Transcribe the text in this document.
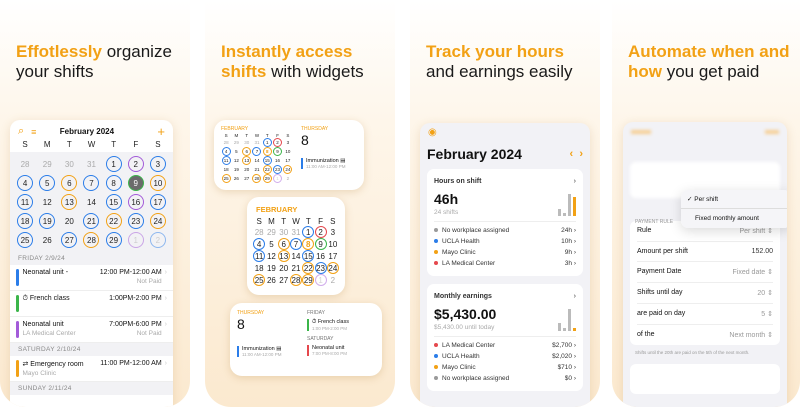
Effotlessly organize
your shifts
⌕ ≡	February 2024	+
S	M	T	W	T	F	S
28	29	30	31	1	2	3
4	5	6	7	8	9	10
11	12	13	14	15	16	17
18	19	20	21	22	23	24
25	26	27	28	29	1	2
FRIDAY 2/9/24
Neonatal unit -	12:00 PM-12:00 AM
Not Paid
›
⏱ French class	1:00PM-2:00 PM ›
Neonatal unit
LA Medical Center
7:00PM-6:00 PM
Not Paid
›
SATURDAY 2/10/24
⇄ Emergency room
Mayo Clinic
11:00 PM-12:00 AM ›
SUNDAY 2/11/24
Instantly access
shifts with widgets
FEBRUARY
S	M	T	W	T	F	S
28	29	30	31	1	2	3
4	5	6	7	8	9	10
11	12	13	14	15	16	17
18	19	20	21	22	23	24
25	26	27	28	29	1	2
THURSDAY
8
Immunization ▤
11:00 AM-12:00 PM
FEBRUARY
S M T W T F S
28 29 30 31 1 2 3
4 5 6 7 8 9 10
11 12 13 14 15 16 17
18 19 20 21 22 23 24
25 26 27 28 29 1 2
THURSDAY
8
Immunization ▤
11:00 AM-12:00 PM
FRIDAY
⏱ French class
1:00 PM-2:00 PM
SATURDAY
Neonatal unit
7:00 PM-8:00 PM
Track your hours
and earnings easily
◉
February 2024	‹ ›
Hours on shift	›
46h
24 shifts
No workplace assigned	24h ›
UCLA Health	10h ›
Mayo Clinic	9h ›
LA Medical Center	3h ›
Monthly earnings	›
$5,430.00
$5,430.00 until today
LA Medical Center	$2,700 ›
UCLA Health	$2,020 ›
Mayo Clinic	$710 ›
No workplace assigned	$0 ›
Automate when and
how you get paid
PAYMENT RULE
Rule	Per shift ⇕
Amount per shift	152.00
Payment Date	Fixed date ⇕
Shifts until day	20 ⇕
are paid on day	5 ⇕
of the	Next month ⇕
Shifts until the 20th are paid on the 5th of the next month.
✓ Per shift
Fixed monthly amount
